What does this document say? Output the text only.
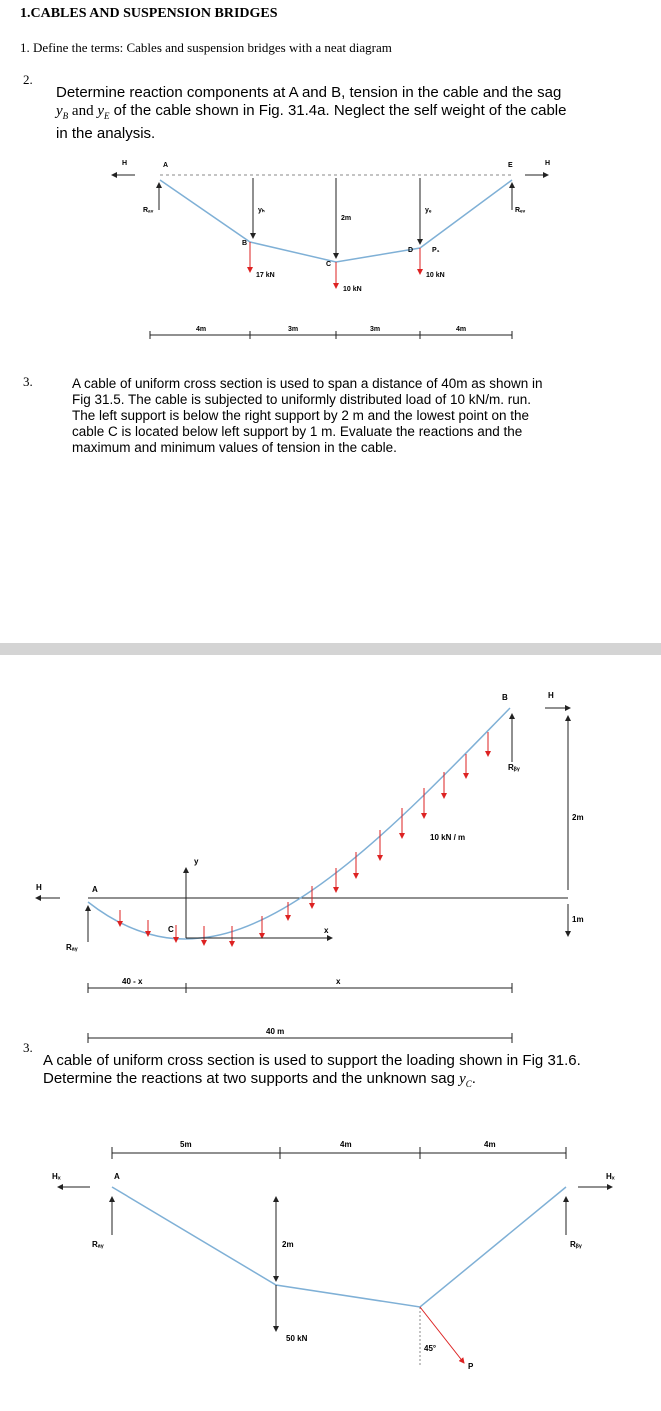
1.CABLES AND SUSPENSION BRIDGES
1. Define the terms: Cables and suspension bridges with a neat diagram
2.
Determine reaction components at A and B, tension in the cable and the sag
$y_B$ and $y_E$ of the cable shown in Fig. 31.4a. Neglect the self weight of the cable
in the analysis.
H	H
A	E
Rₐᵥ	Rₑᵥ
yₕ
2m
yₑ
B
C
D	P₁
17 kN
10 kN
10 kN
4m	3m	3m	4m
3.	A cable of uniform cross section is used to span a distance of 40m as shown in
Fig 31.5. The cable is subjected to uniformly distributed load of 10 kN/m. run.
The left support is below the right support by 2 m and the lowest point on the
cable C is located below left support by 1 m. Evaluate the reactions and the
maximum and minimum values of tension in the cable.
H	A
Rₐᵧ
y
x
C
B
Rᵦᵧ
H
10 kN / m
2m
1m
40 - x	x
40 m
3.
A cable of uniform cross section is used to support the loading shown in Fig 31.6.
Determine the reactions at two supports and the unknown sag $y_C$.
5m	4m	4m
Hₓ	Hₓ
A
Rₐᵧ	Rᵦᵧ
2m
50 kN
45°
P
